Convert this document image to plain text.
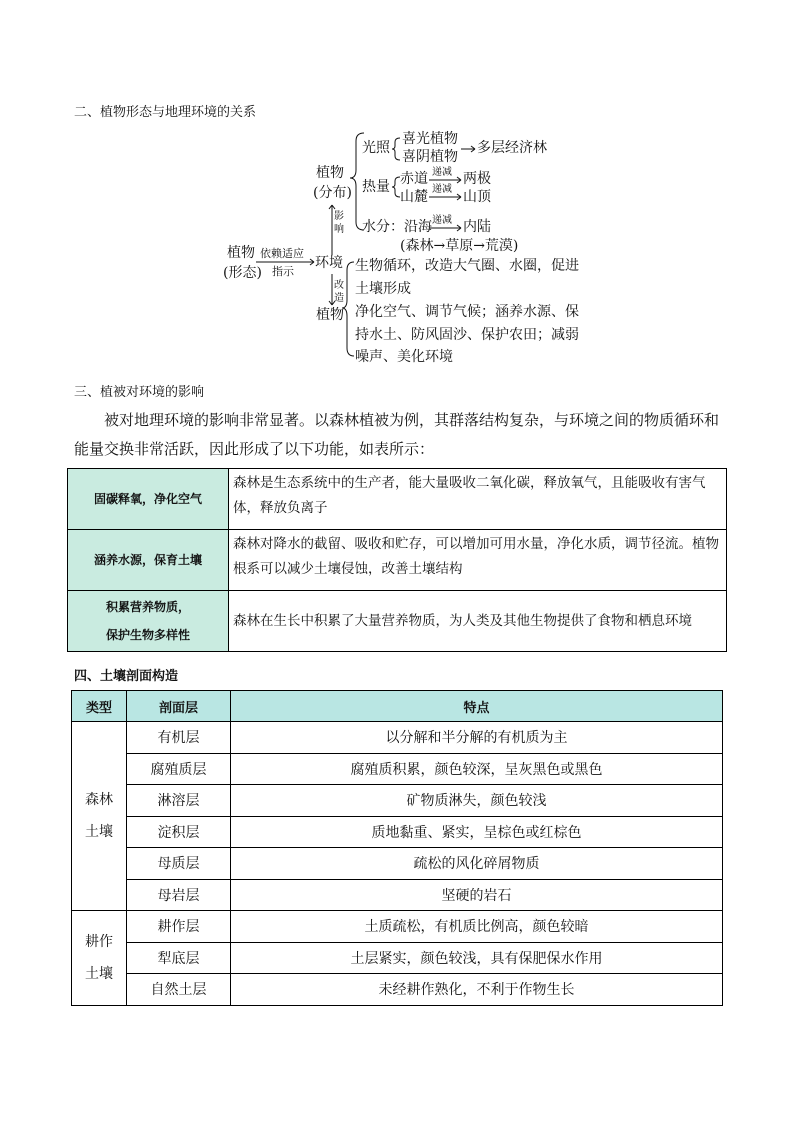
二、植物形态与地理环境的关系
植物
(形态)
依赖适应
指示
环境
植物
(分布)
影响
改造
植物
光照
喜光植物
喜阴植物
多层经济林
热量 赤道
山麓
递减
递减
两极
山顶
水分：沿海 递减 内陆
(森林→草原→荒漠)
生物循环，改造大气圈、水圈，促进
土壤形成
净化空气、调节气候；涵养水源、保
持水土、防风固沙、保护农田；减弱
噪声、美化环境
三、植被对环境的影响
被对地理环境的影响非常显著。以森林植被为例，其群落结构复杂，与环境之间的物质循环和能量交换非常活跃，因此形成了以下功能，如表所示：
固碳释氧，净化空气	森林是生态系统中的生产者，能大量吸收二氧化碳，释放氧气，且能吸收有害气体，释放负离子
涵养水源，保育土壤	森林对降水的截留、吸收和贮存，可以增加可用水量，净化水质，调节径流。植物根系可以减少土壤侵蚀，改善土壤结构

积累营养物质，
保护生物多样性	森林在生长中积累了大量营养物质，为人类及其他生物提供了食物和栖息环境
四、土壤剖面构造
类型	剖面层	特点

森林
土壤	有机层	以分解和半分解的有机质为主
	腐殖质层	腐殖质积累，颜色较深，呈灰黑色或黑色
	淋溶层	矿物质淋失，颜色较浅
	淀积层	质地黏重、紧实，呈棕色或红棕色
	母质层	疏松的风化碎屑物质
	母岩层	坚硬的岩石

耕作
土壤	耕作层	土质疏松，有机质比例高，颜色较暗
	犁底层	土层紧实，颜色较浅，具有保肥保水作用
	自然土层	未经耕作熟化，不利于作物生长
